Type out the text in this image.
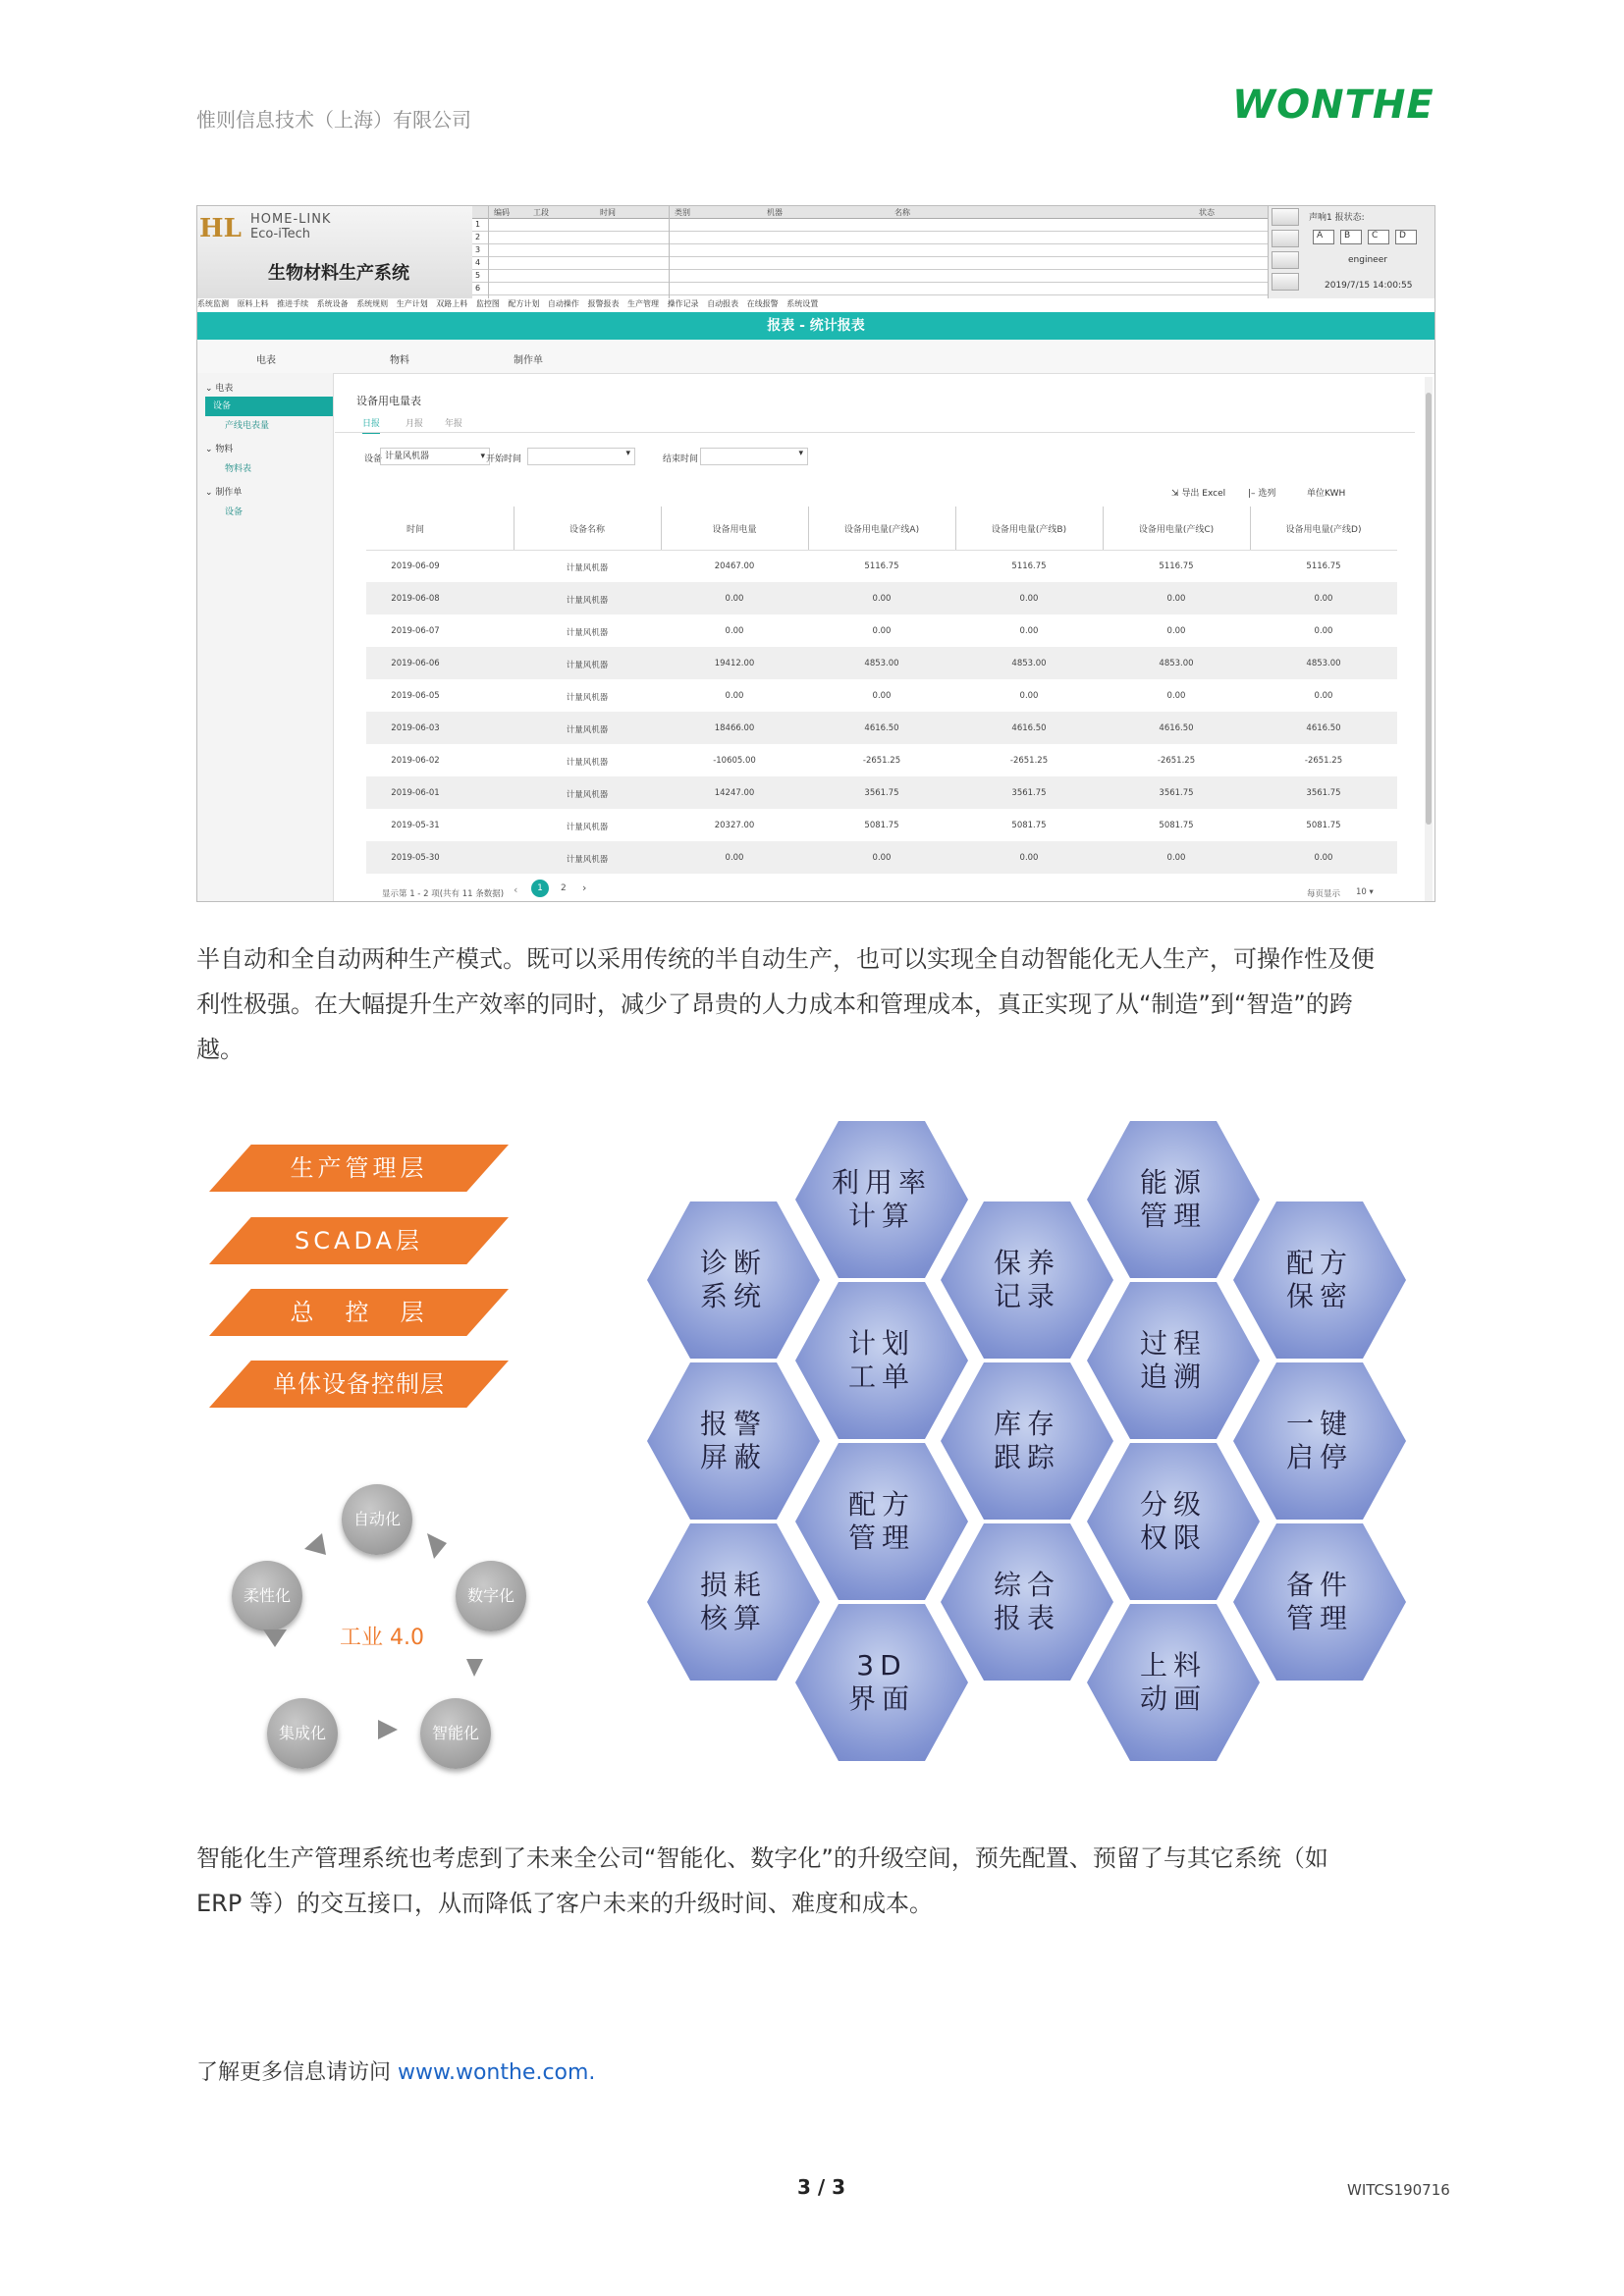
惟则信息技术（上海）有限公司	WONTHE
HL HOME-LINK
Eco-iTech
生物材料生产系统
编码	工段	时间	类别	机器	名称	状态
1
2
3
4
5
6
声响1 报状态:
A	B	C	D
engineer
2019/7/15 14:00:55
系统监测 原料上料 推进手续 系统设备 系统规则 生产计划 双路上料 监控图 配方计划 自动操作 报警报表 生产管理 操作记录 自动报表 在线报警 系统设置
报表 - 统计报表
电表	物料	制作单
⌄ 电表
设备
产线电表量
⌄ 物料
物料表
⌄ 制作单
设备
设备用电量表
日报	月报 年报
设备 计量风机器	▾ 开始时间
▾
结束时间
▾
⇲ 导出 Excel	|– 选列	单位KWH
时间	设备名称	设备用电量	设备用电量(产线A)	设备用电量(产线B)	设备用电量(产线C)	设备用电量(产线D)
2019-06-09	计量风机器	20467.00	5116.75	5116.75	5116.75	5116.75
2019-06-08	计量风机器	0.00	0.00	0.00	0.00	0.00
2019-06-07	计量风机器	0.00	0.00	0.00	0.00	0.00
2019-06-06	计量风机器	19412.00	4853.00	4853.00	4853.00	4853.00
2019-06-05	计量风机器	0.00	0.00	0.00	0.00	0.00
2019-06-03	计量风机器	18466.00	4616.50	4616.50	4616.50	4616.50
2019-06-02	计量风机器	-10605.00	-2651.25	-2651.25	-2651.25	-2651.25
2019-06-01	计量风机器	14247.00	3561.75	3561.75	3561.75	3561.75
2019-05-31	计量风机器	20327.00	5081.75	5081.75	5081.75	5081.75
2019-05-30	计量风机器	0.00	0.00	0.00	0.00	0.00
显示第 1 - 2 项(共有 11 条数据) ‹	1	2 ›	每页显示 10 ▾
半自动和全自动两种生产模式。既可以采用传统的半自动生产，也可以实现全自动智能化无人生产，可操作性及便
利性极强。在大幅提升生产效率的同时，减少了昂贵的人力成本和管理成本，真正实现了从“制造”到“智造”的跨
越。
生产管理层
SCADA层
总　控　层
单体设备控制层
工业 4.0
自动化
数字化
智能化
集成化
柔性化
利用率
计算
能源
管理
诊断
系统
保养
记录
配方
保密
计划
工单
过程
追溯
报警
屏蔽
库存
跟踪
一键
启停
配方
管理
分级
权限
损耗
核算
综合
报表
备件
管理
3D
界面
上料
动画
智能化生产管理系统也考虑到了未来全公司“智能化、数字化”的升级空间，预先配置、预留了与其它系统（如
ERP 等）的交互接口，从而降低了客户未来的升级时间、难度和成本。
了解更多信息请访问 www.wonthe.com.
3 / 3	WITCS190716
